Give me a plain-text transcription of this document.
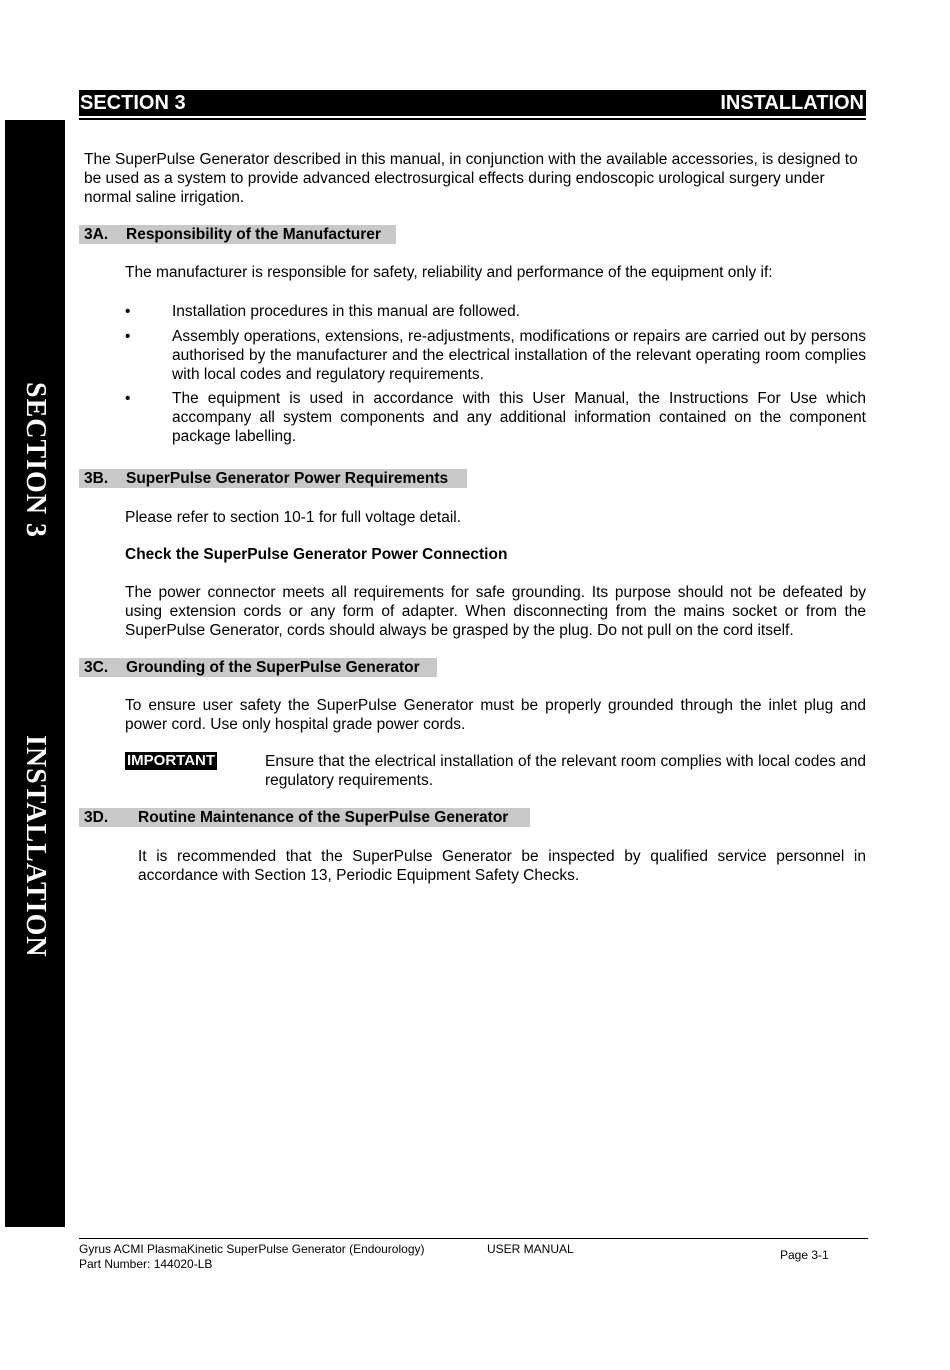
SECTION 3	INSTALLATION
SECTION 3
INSTALLATION

The SuperPulse Generator described in this manual, in conjunction with the available accessories, is designed to be used as a system to provide advanced electrosurgical effects during endoscopic urological surgery under normal saline irrigation.

3A. Responsibility of the Manufacturer

The manufacturer is responsible for safety, reliability and performance of the equipment only if:

•	Installation procedures in this manual are followed.

•	Assembly operations, extensions, re-adjustments, modifications or repairs are carried out by persons authorised by the manufacturer and the electrical installation of the relevant operating room complies with local codes and regulatory requirements.

•	The equipment is used in accordance with this User Manual, the Instructions For Use which accompany all system components and any additional information contained on the component package labelling.

3B. SuperPulse Generator Power Requirements

Please refer to section 10-1 for full voltage detail.

Check the SuperPulse Generator Power Connection

The power connector meets all requirements for safe grounding. Its purpose should not be defeated by using extension cords or any form of adapter. When disconnecting from the mains socket or from the SuperPulse Generator, cords should always be grasped by the plug. Do not pull on the cord itself.

3C. Grounding of the SuperPulse Generator

To ensure user safety the SuperPulse Generator must be properly grounded through the inlet plug and power cord. Use only hospital grade power cords.

IMPORTANT	Ensure that the electrical installation of the relevant room complies with local codes and regulatory requirements.

3D. Routine Maintenance of the SuperPulse Generator

It is recommended that the SuperPulse Generator be inspected by qualified service personnel in accordance with Section 13, Periodic Equipment Safety Checks.

Gyrus ACMI PlasmaKinetic SuperPulse Generator (Endourology)	USER MANUAL
Part Number: 144020-LB
Page 3-1
